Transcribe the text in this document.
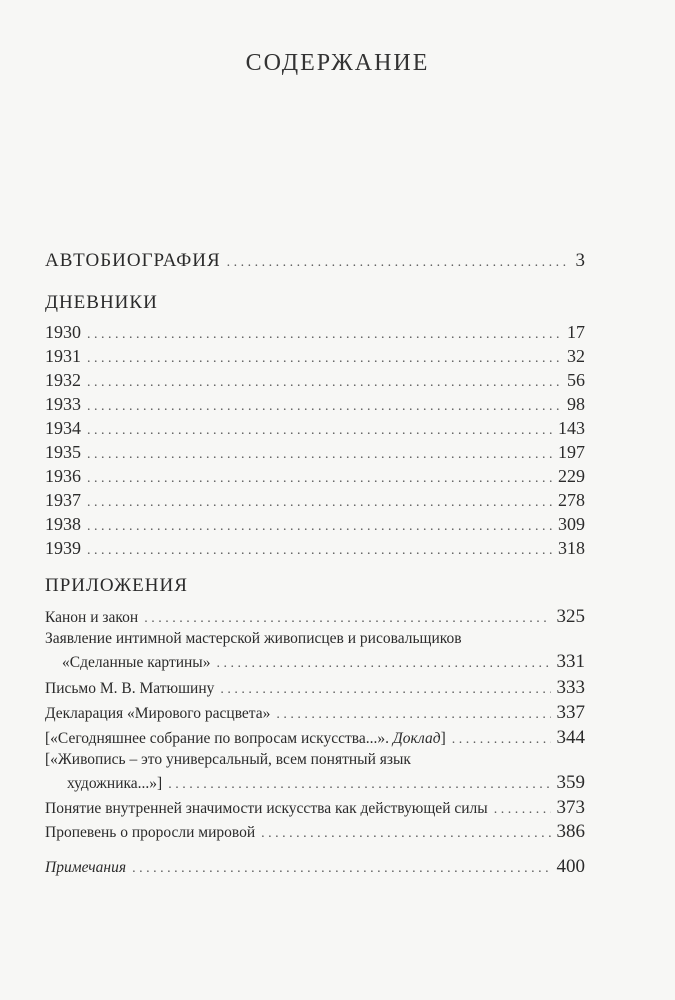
СОДЕРЖАНИЕ
АВТОБИОГРАФИЯ . . .	3
ДНЕВНИКИ
1930 . . .	17
1931 . . .	32
1932 . . .	56
1933 . . .	98
1934 . . .	143
1935 . . .	197
1936 . . .	229
1937 . . .	278
1938 . . .	309
1939 . . .	318
ПРИЛОЖЕНИЯ
Канон и закон . . .	325
Заявление интимной мастерской живописцев и рисовальщиков
«Сделанные картины» . . .	331
Письмо М. В. Матюшину . . .	333
Декларация «Мирового расцвета» . . .	337
[«Сегодняшнее собрание по вопросам искусства...». Доклад] . . .	344
[«Живопись – это универсальный, всем понятный язык
художника...»] . . .	359
Понятие внутренней значимости искусства как действующей силы . . .	373
Пропевень о проросли мировой . . .	386
Примечания . . .	400
